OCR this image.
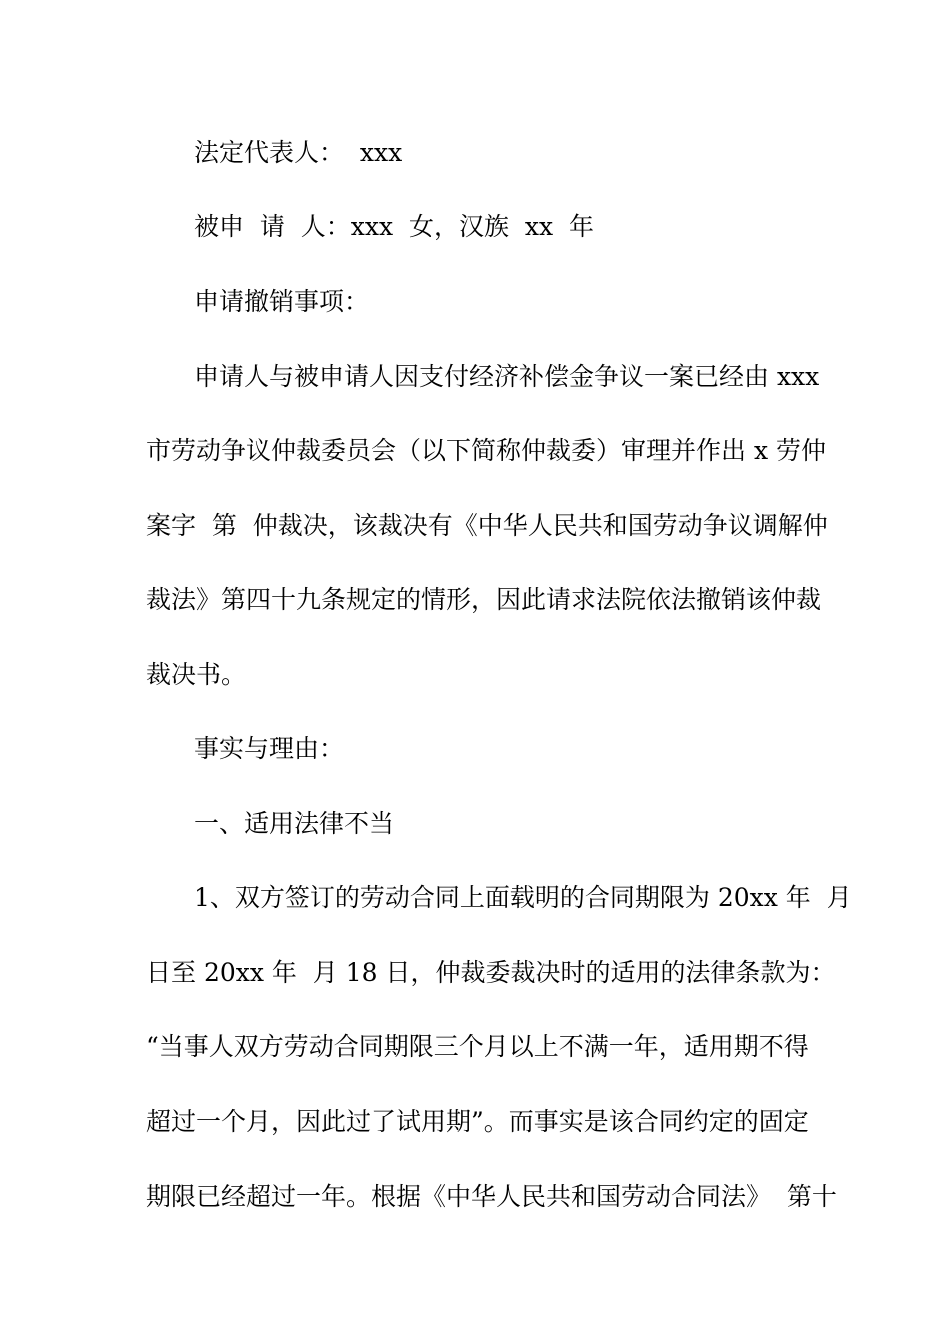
法定代表人：  xxx
被申  请  人：xxx  女，汉族  xx  年
申请撤销事项：
申请人与被申请人因支付经济补偿金争议一案已经由 xxx
市劳动争议仲裁委员会（以下简称仲裁委）审理并作出 x 劳仲
案字  第  仲裁决，该裁决有《中华人民共和国劳动争议调解仲
裁法》第四十九条规定的情形，因此请求法院依法撤销该仲裁
裁决书。
事实与理由：
一、适用法律不当
1、双方签订的劳动合同上面载明的合同期限为 20xx 年  月
日至 20xx 年  月 18 日，仲裁委裁决时的适用的法律条款为：
“当事人双方劳动合同期限三个月以上不满一年，适用期不得
超过一个月，因此过了试用期”。而事实是该合同约定的固定
期限已经超过一年。根据《中华人民共和国劳动合同法》  第十
